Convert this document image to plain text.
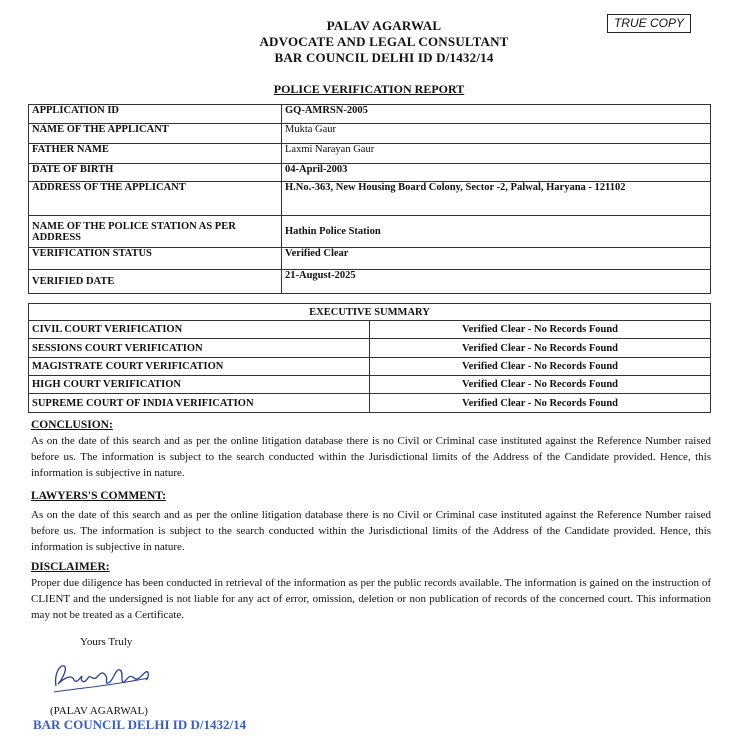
PALAV AGARWAL
ADVOCATE AND LEGAL CONSULTANT
BAR COUNCIL DELHI ID D/1432/14
TRUE COPY
POLICE VERIFICATION REPORT
APPLICATION ID	GQ-AMRSN-2005
NAME OF THE APPLICANT	Mukta Gaur
FATHER NAME	Laxmi Narayan Gaur
DATE OF BIRTH	04-April-2003
ADDRESS OF THE APPLICANT	H.No.-363, New Housing Board Colony, Sector -2, Palwal, Haryana - 121102
NAME OF THE POLICE STATION AS PER ADDRESS	Hathin Police Station
VERIFICATION STATUS	Verified Clear
VERIFIED DATE	21-August-2025
EXECUTIVE SUMMARY	
CIVIL COURT VERIFICATION	Verified Clear - No Records Found
SESSIONS COURT VERIFICATION	Verified Clear - No Records Found
MAGISTRATE COURT VERIFICATION	Verified Clear - No Records Found
HIGH COURT VERIFICATION	Verified Clear - No Records Found
SUPREME COURT OF INDIA VERIFICATION	Verified Clear - No Records Found
CONCLUSION:
As on the date of this search and as per the online litigation database there is no Civil or Criminal case instituted against the Reference Number raised before us. The information is subject to the search conducted within the Jurisdictional limits of the Address of the Candidate provided. Hence, this information is subjective in nature.
LAWYERS'S COMMENT:
As on the date of this search and as per the online litigation database there is no Civil or Criminal case instituted against the Reference Number raised before us. The information is subject to the search conducted within the Jurisdictional limits of the Address of the Candidate provided. Hence, this information is subjective in nature.
DISCLAIMER:
Proper due diligence has been conducted in retrieval of the information as per the public records available. The information is gained on the instruction of CLIENT and the undersigned is not liable for any act of error, omission, deletion or non publication of records of the concerned court. This information may not be treated as a Certificate.
Yours Truly
(PALAV AGARWAL)
BAR COUNCIL DELHI ID D/1432/14
